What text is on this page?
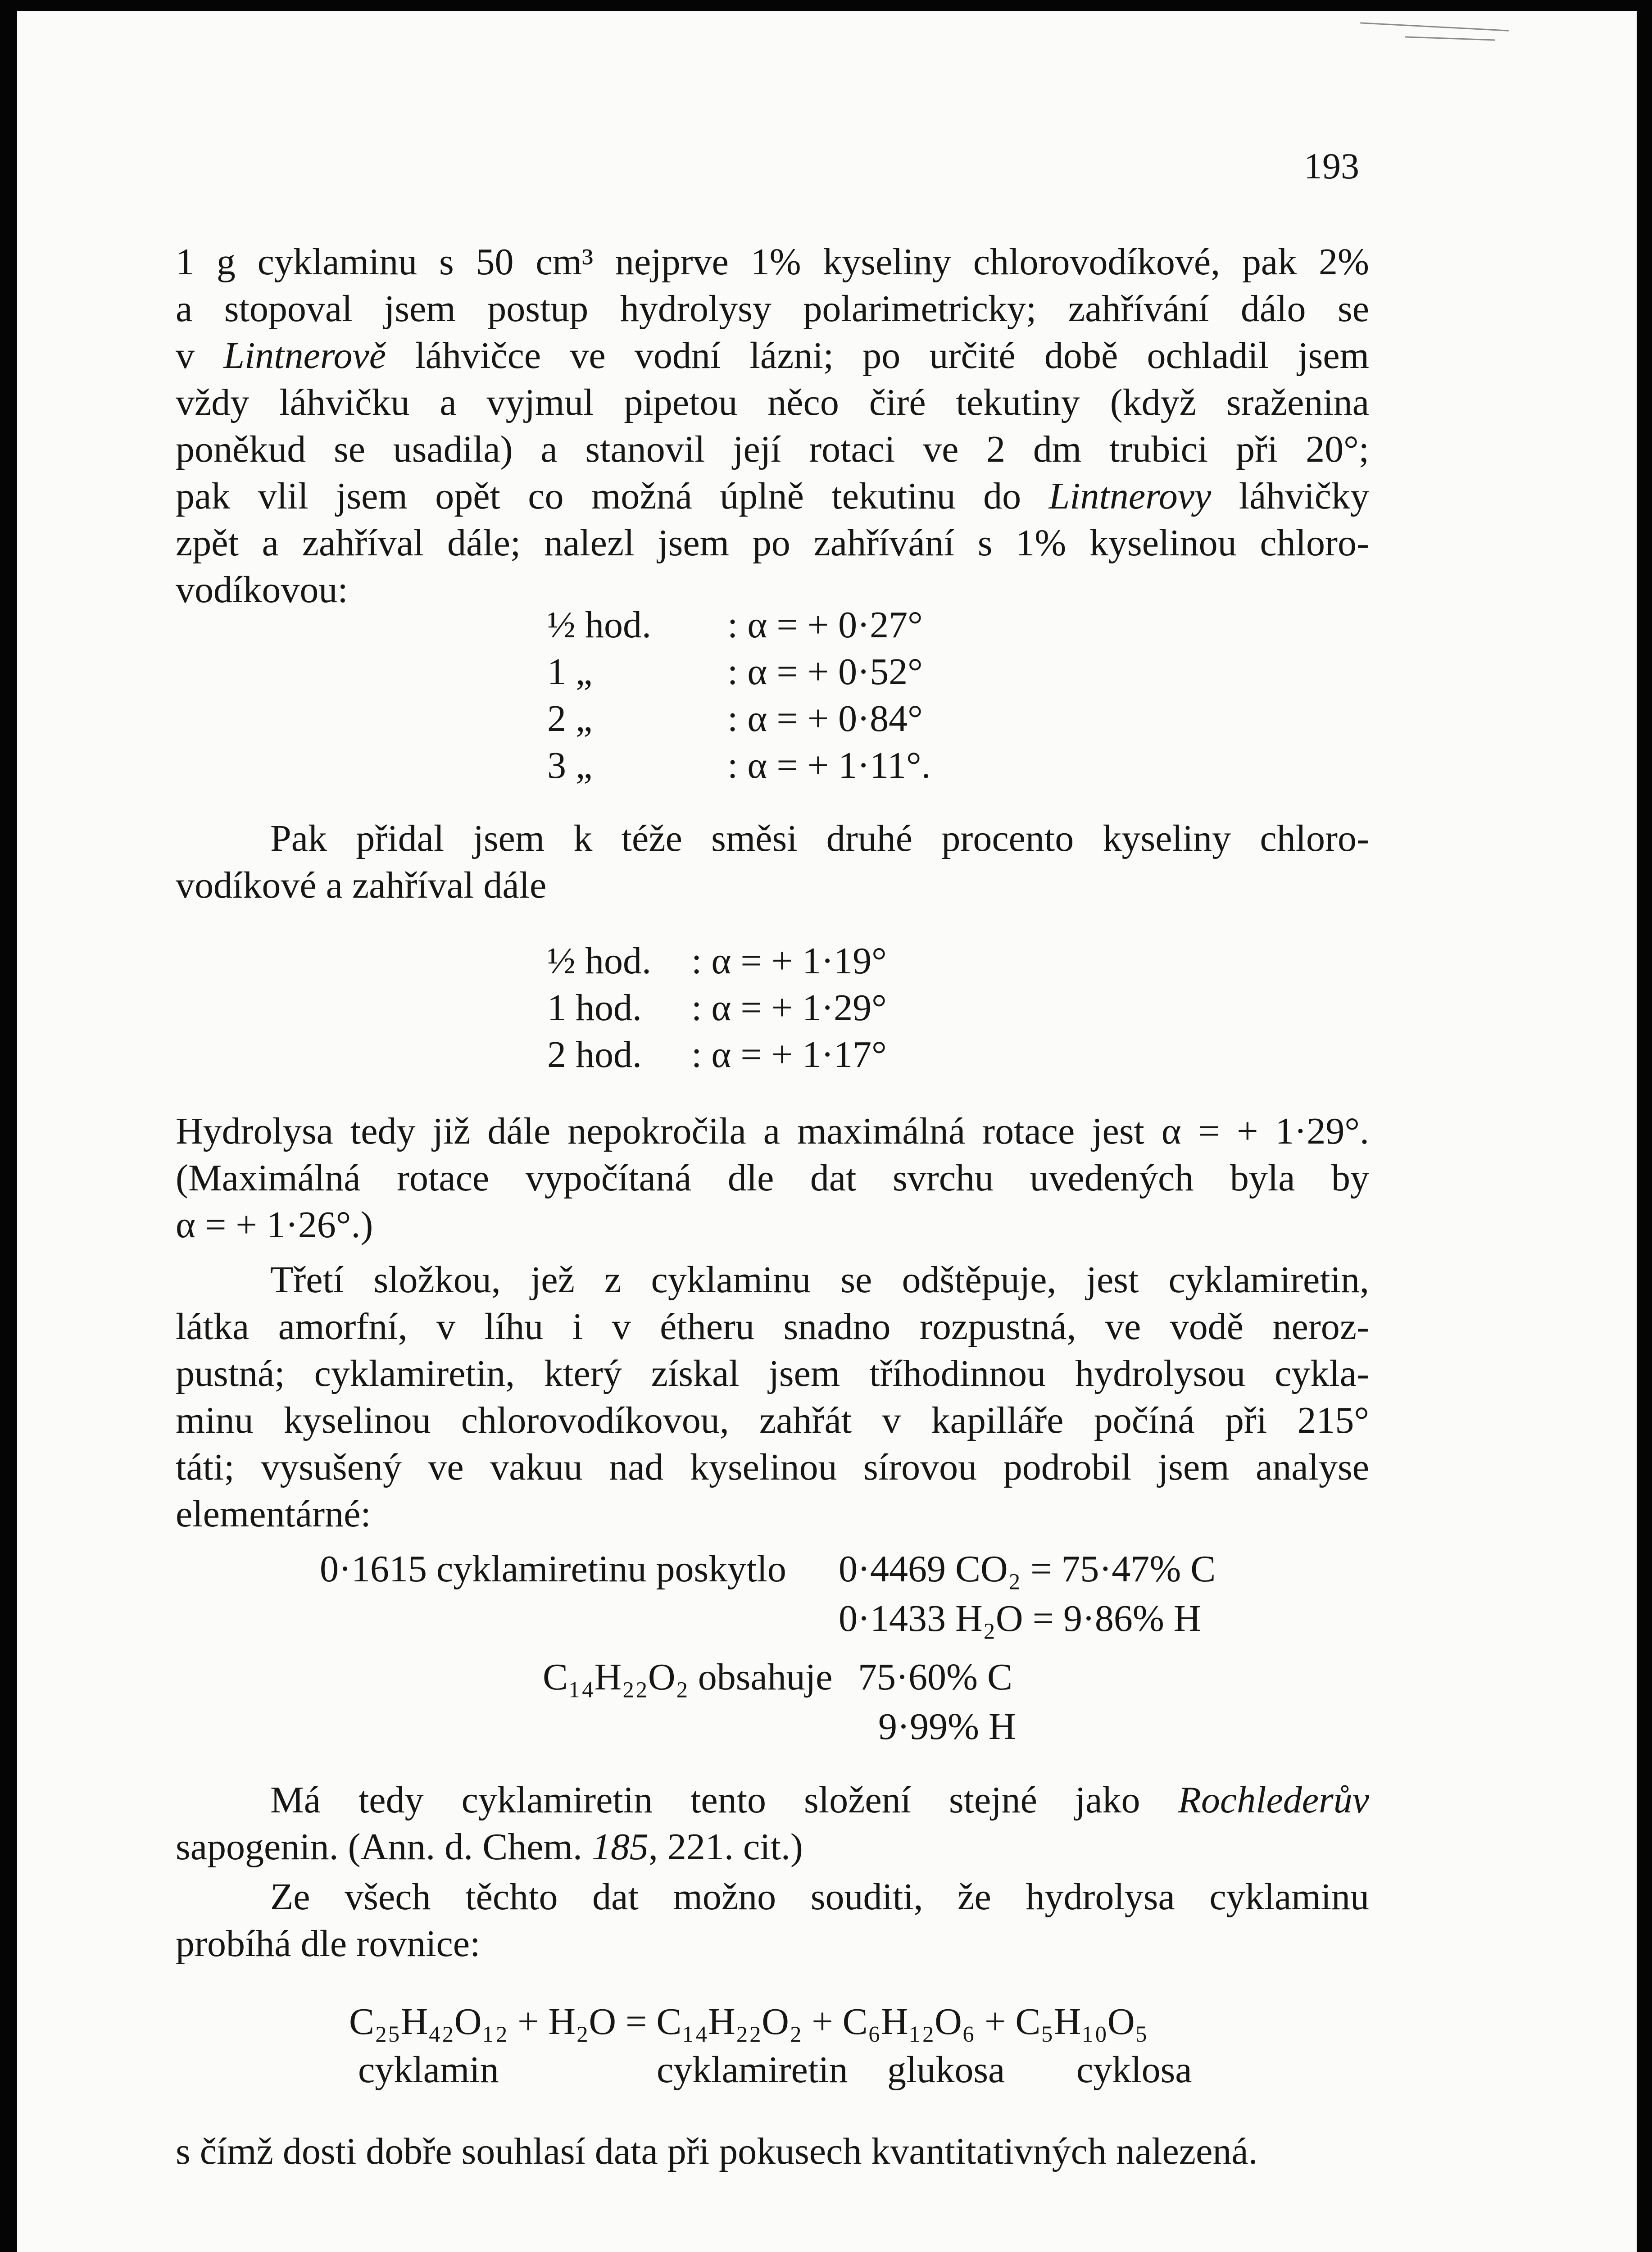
193
1 g cyklaminu s 50 cm³ nejprve 1% kyseliny chlorovodíkové, pak 2%
a stopoval jsem postup hydrolysy polarimetricky; zahřívání dálo se
v Lintnerově láhvičce ve vodní lázni; po určité době ochladil jsem
vždy láhvičku a vyjmul pipetou něco čiré tekutiny (když sraženina
poněkud se usadila) a stanovil její rotaci ve 2 dm trubici při 20°;
pak vlil jsem opět co možná úplně tekutinu do Lintnerovy láhvičky
zpět a zahříval dále; nalezl jsem po zahřívání s 1% kyselinou chloro-
vodíkovou:
½ hod.	: α = + 0·27°
1 „	: α = + 0·52°
2 „	: α = + 0·84°
3 „	: α = + 1·11°.
Pak přidal jsem k téže směsi druhé procento kyseliny chloro-
vodíkové a zahříval dále
½ hod.	: α = + 1·19°
1 hod.	: α = + 1·29°
2 hod.	: α = + 1·17°
Hydrolysa tedy již dále nepokročila a maximálná rotace jest α = + 1·29°.
(Maximálná rotace vypočítaná dle dat svrchu uvedených byla by
α = + 1·26°.)
Třetí složkou, jež z cyklaminu se odštěpuje, jest cyklamiretin,
látka amorfní, v líhu i v étheru snadno rozpustná, ve vodě neroz-
pustná; cyklamiretin, který získal jsem tříhodinnou hydrolysou cykla-
minu kyselinou chlorovodíkovou, zahřát v kapilláře počíná při 215°
táti; vysušený ve vakuu nad kyselinou sírovou podrobil jsem analyse
elementárné:
0·1615 cyklamiretinu poskytlo 0·4469 CO₂ = 75·47% C
0·1433 H₂O = 9·86% H
C₁₄H₂₂O₂ obsahuje 75·60% C
9·99% H
Má tedy cyklamiretin tento složení stejné jako Rochlederův
sapogenin. (Ann. d. Chem. 185, 221. cit.)
Ze všech těchto dat možno souditi, že hydrolysa cyklaminu
probíhá dle rovnice:
C₂₅H₄₂O₁₂ + H₂O = C₁₄H₂₂O₂ + C₆H₁₂O₆ + C₅H₁₀O₅
cyklamin	cyklamiretin glukosa cyklosa
s čímž dosti dobře souhlasí data při pokusech kvantitativných nalezená.
